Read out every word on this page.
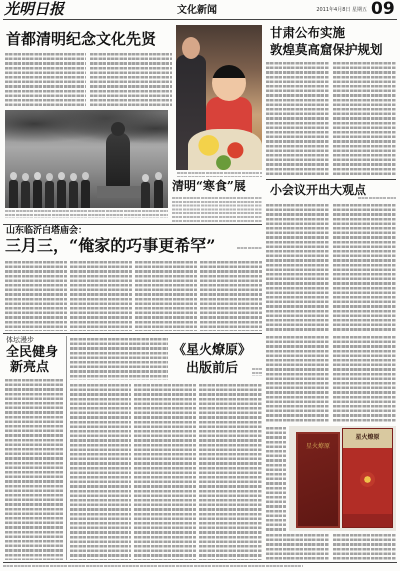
光明日报	文化新闻	2011年4月8日 星期五 09
首都清明纪念文化先贤
清明“寒食”展
甘肃公布实施
敦煌莫高窟保护规划
小会议开出大观点
山东临沂白塔庙会：
三月三，“俺家的巧事更希罕”
体坛漫步
全民健身
新亮点
《星火燎原》
出版前后
星火燎原
星火燎原
